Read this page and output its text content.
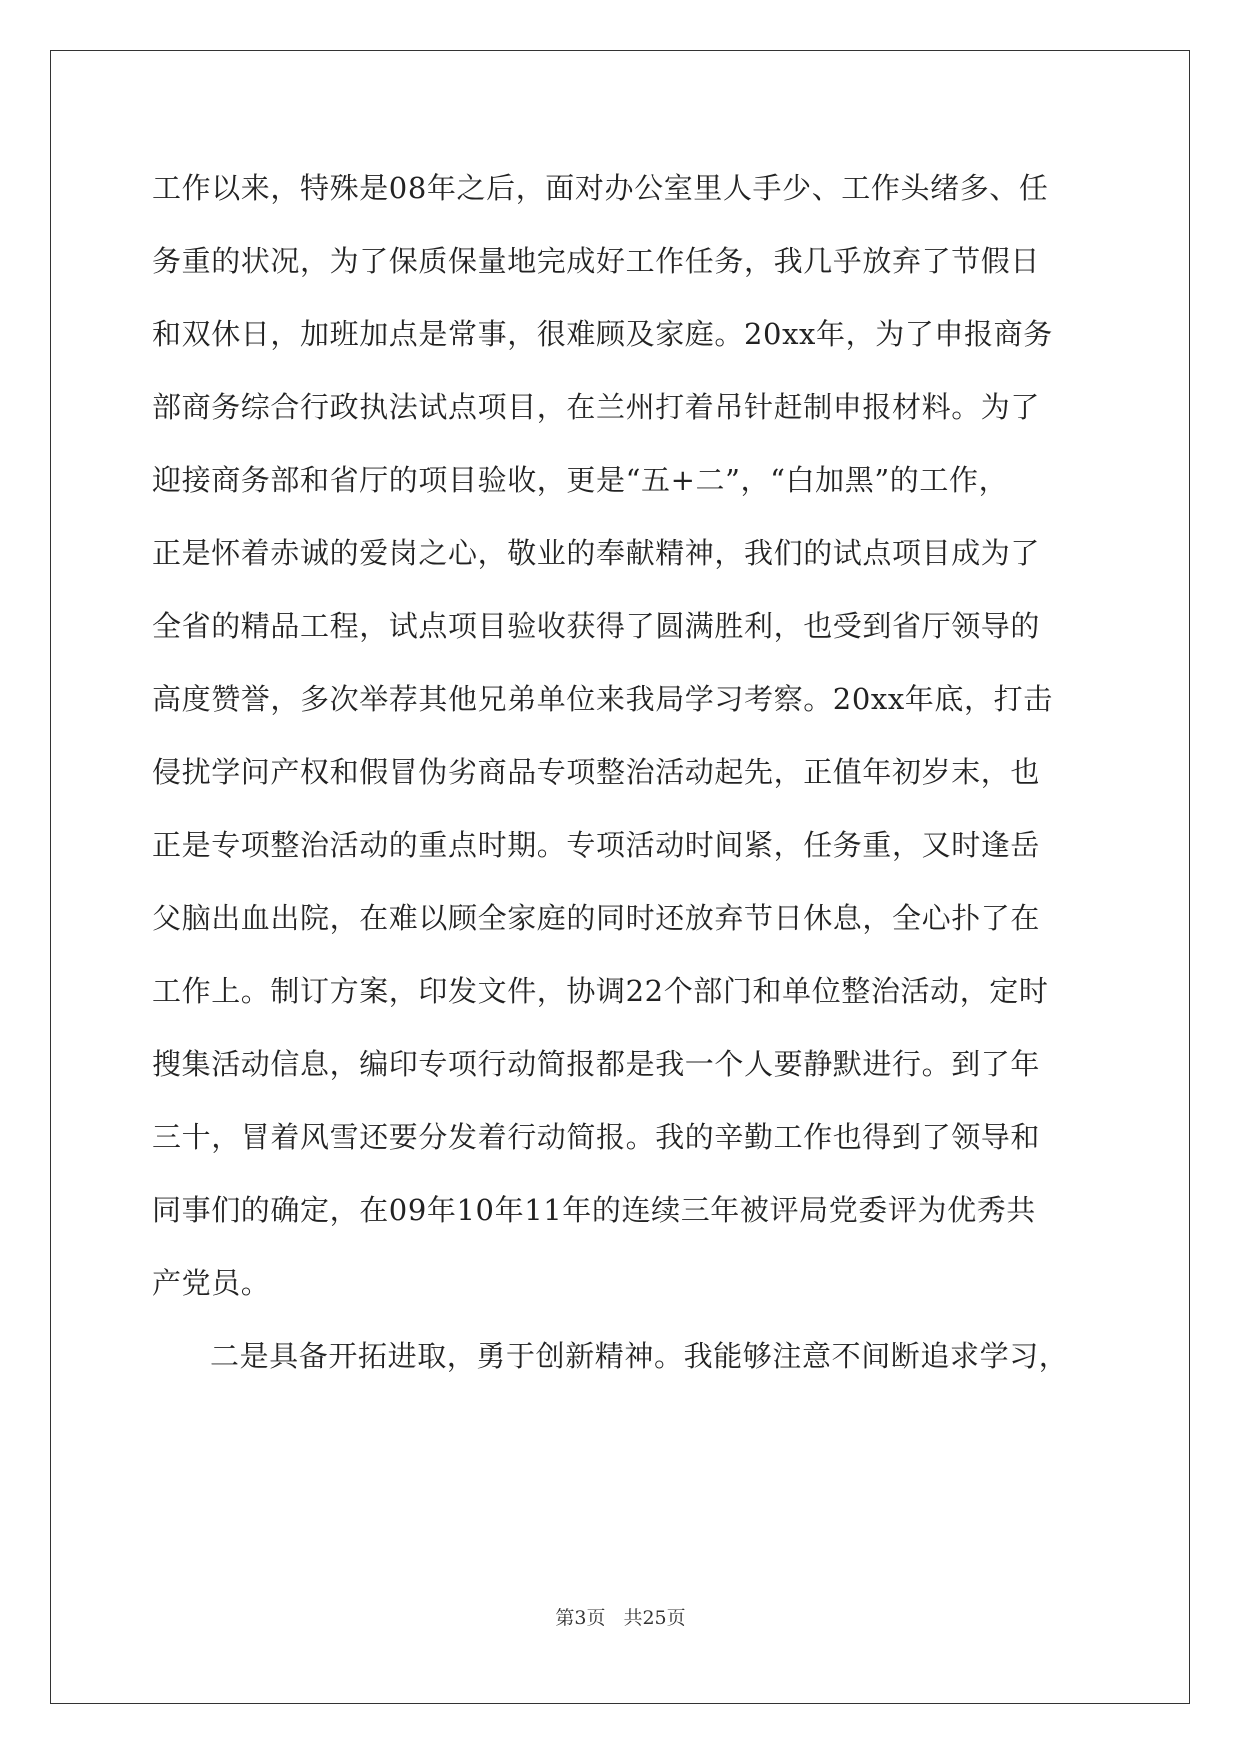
工作以来，特殊是08年之后，面对办公室里人手少、工作头绪多、任
务重的状况，为了保质保量地完成好工作任务，我几乎放弃了节假日
和双休日，加班加点是常事，很难顾及家庭。20xx年，为了申报商务
部商务综合行政执法试点项目，在兰州打着吊针赶制申报材料。为了
迎接商务部和省厅的项目验收，更是“五+二”，“白加黑”的工作，
正是怀着赤诚的爱岗之心，敬业的奉献精神，我们的试点项目成为了
全省的精品工程，试点项目验收获得了圆满胜利，也受到省厅领导的
高度赞誉，多次举荐其他兄弟单位来我局学习考察。20xx年底，打击
侵扰学问产权和假冒伪劣商品专项整治活动起先，正值年初岁末，也
正是专项整治活动的重点时期。专项活动时间紧，任务重，又时逢岳
父脑出血出院，在难以顾全家庭的同时还放弃节日休息，全心扑了在
工作上。制订方案，印发文件，协调22个部门和单位整治活动，定时
搜集活动信息，编印专项行动简报都是我一个人要静默进行。到了年
三十，冒着风雪还要分发着行动简报。我的辛勤工作也得到了领导和
同事们的确定，在09年10年11年的连续三年被评局党委评为优秀共
产党员。
二是具备开拓进取，勇于创新精神。我能够注意不间断追求学习，
第3页 共25页
